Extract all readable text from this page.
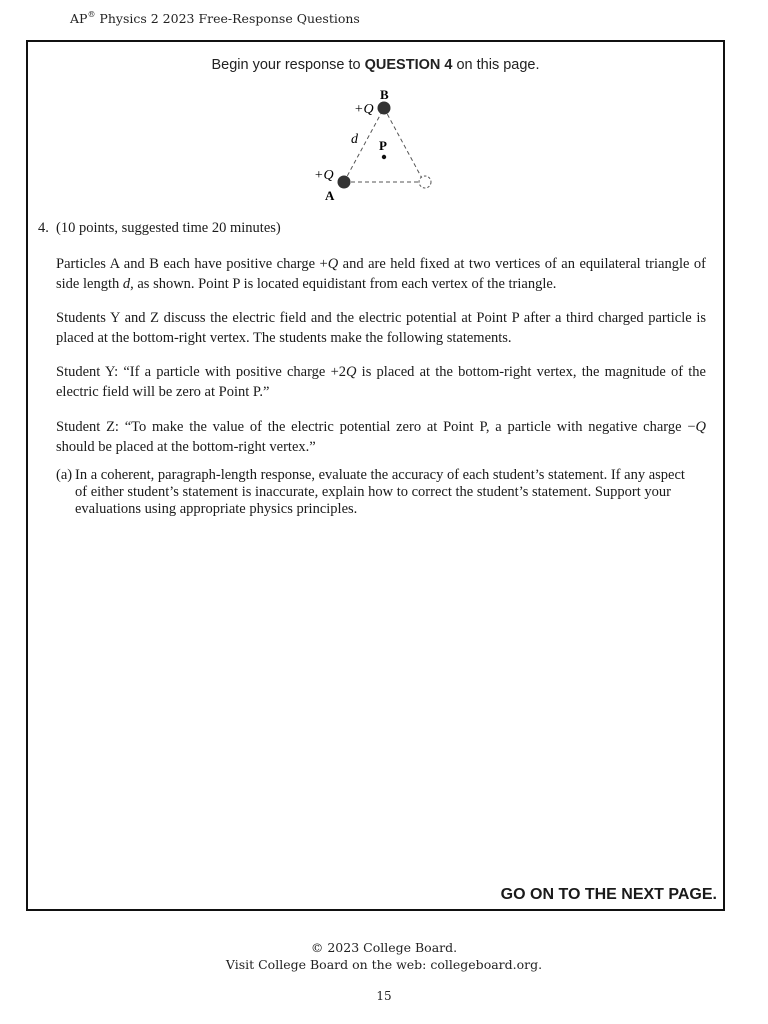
AP® Physics 2 2023 Free-Response Questions
Begin your response to QUESTION 4 on this page.
B
+Q
d P
+Q
A
4. (10 points, suggested time 20 minutes)
Particles A and B each have positive charge +Q and are held fixed at two vertices of an equilateral triangle of side length d, as shown. Point P is located equidistant from each vertex of the triangle.
Students Y and Z discuss the electric field and the electric potential at Point P after a third charged particle is placed at the bottom-right vertex. The students make the following statements.
Student Y: “If a particle with positive charge +2Q is placed at the bottom-right vertex, the magnitude of the electric field will be zero at Point P.”
Student Z: “To make the value of the electric potential zero at Point P, a particle with negative charge −Q should be placed at the bottom-right vertex.”
(a) In a coherent, paragraph-length response, evaluate the accuracy of each student’s statement. If any aspect of either student’s statement is inaccurate, explain how to correct the student’s statement. Support your evaluations using appropriate physics principles.
GO ON TO THE NEXT PAGE.
© 2023 College Board.
Visit College Board on the web: collegeboard.org.
15
